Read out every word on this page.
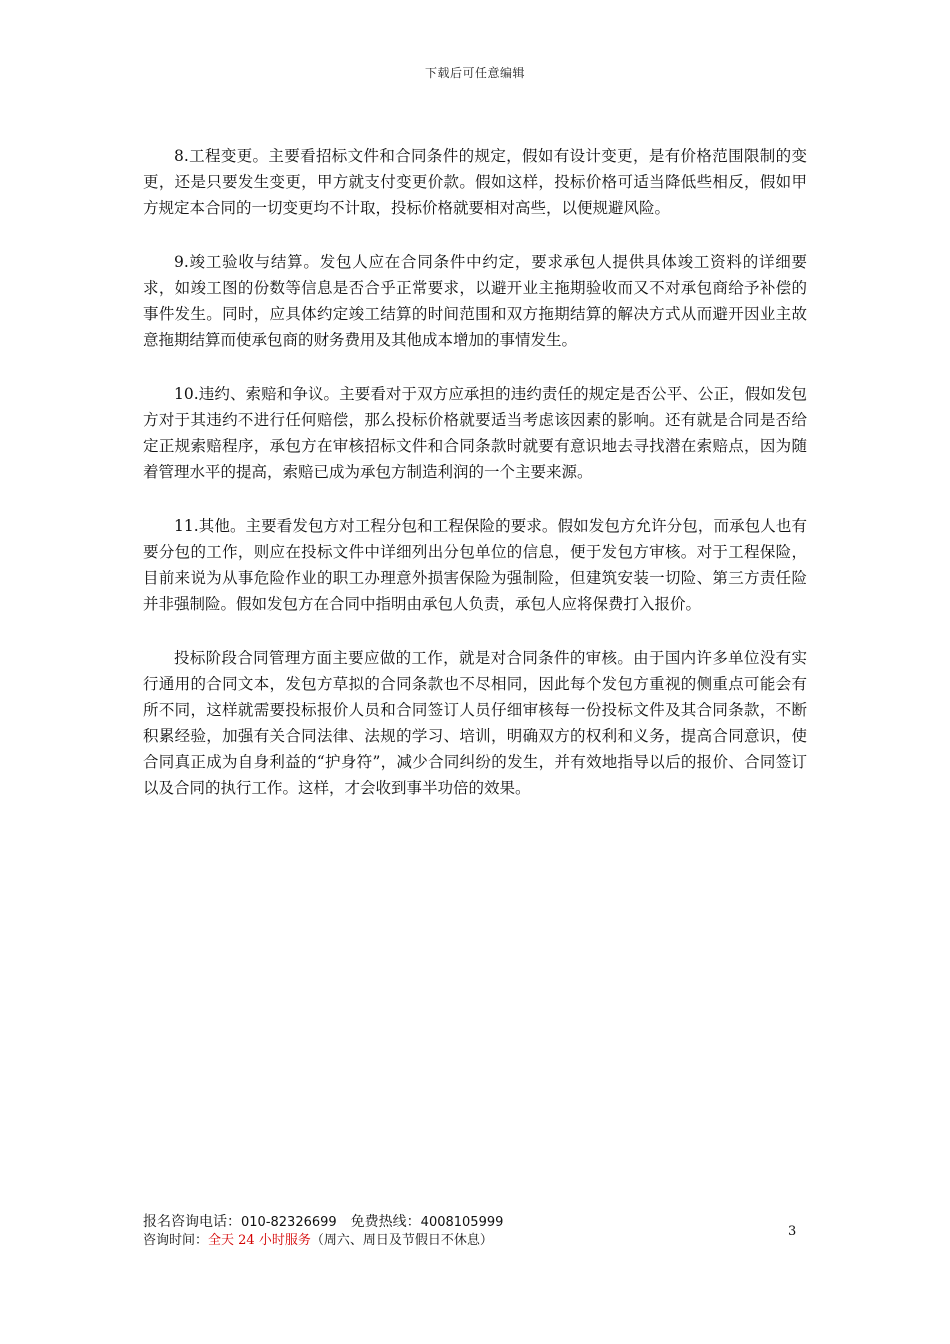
下载后可任意编辑

8.工程变更。主要看招标文件和合同条件的规定，假如有设计变更，是有价格范围限制的变更，还是只要发生变更，甲方就支付变更价款。假如这样，投标价格可适当降低些相反，假如甲方规定本合同的一切变更均不计取，投标价格就要相对高些，以便规避风险。

9.竣工验收与结算。发包人应在合同条件中约定，要求承包人提供具体竣工资料的详细要求，如竣工图的份数等信息是否合乎正常要求，以避开业主拖期验收而又不对承包商给予补偿的事件发生。同时，应具体约定竣工结算的时间范围和双方拖期结算的解决方式从而避开因业主故意拖期结算而使承包商的财务费用及其他成本增加的事情发生。

10.违约、索赔和争议。主要看对于双方应承担的违约责任的规定是否公平、公正，假如发包方对于其违约不进行任何赔偿，那么投标价格就要适当考虑该因素的影响。还有就是合同是否给定正规索赔程序，承包方在审核招标文件和合同条款时就要有意识地去寻找潜在索赔点，因为随着管理水平的提高，索赔已成为承包方制造利润的一个主要来源。

11.其他。主要看发包方对工程分包和工程保险的要求。假如发包方允许分包，而承包人也有要分包的工作，则应在投标文件中详细列出分包单位的信息，便于发包方审核。对于工程保险，目前来说为从事危险作业的职工办理意外损害保险为强制险，但建筑安装一切险、第三方责任险并非强制险。假如发包方在合同中指明由承包人负责，承包人应将保费打入报价。

投标阶段合同管理方面主要应做的工作，就是对合同条件的审核。由于国内许多单位没有实行通用的合同文本，发包方草拟的合同条款也不尽相同，因此每个发包方重视的侧重点可能会有所不同，这样就需要投标报价人员和合同签订人员仔细审核每一份投标文件及其合同条款，不断积累经验，加强有关合同法律、法规的学习、培训，明确双方的权利和义务，提高合同意识，使合同真正成为自身利益的“护身符”，减少合同纠纷的发生，并有效地指导以后的报价、合同签订以及合同的执行工作。这样，才会收到事半功倍的效果。

报名咨询电话：010-82326699  免费热线：4008105999
咨询时间：全天 24 小时服务（周六、周日及节假日不休息）
3
